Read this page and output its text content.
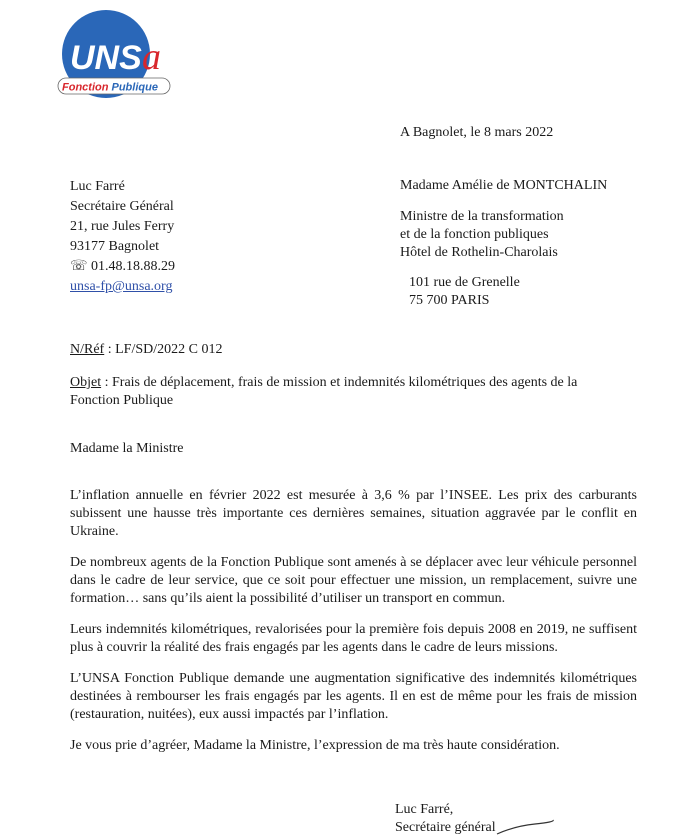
UNS a
Fonction Publique
A Bagnolet, le 8 mars 2022
Luc Farré
Secrétaire Général
21, rue Jules Ferry
93177 Bagnolet
☏ 01.48.18.88.29
unsa-fp@unsa.org
Madame Amélie de MONTCHALIN
Ministre de la transformation
et de la fonction publiques
Hôtel de Rothelin-Charolais
101 rue de Grenelle
75 700 PARIS
N/Réf : LF/SD/2022 C 012
Objet : Frais de déplacement, frais de mission et indemnités kilométriques des agents de la Fonction Publique
Madame la Ministre
L’inflation annuelle en février 2022 est mesurée à 3,6 % par l’INSEE. Les prix des carburants subissent une hausse très importante ces dernières semaines, situation aggravée par le conflit en Ukraine.
De nombreux agents de la Fonction Publique sont amenés à se déplacer avec leur véhicule personnel dans le cadre de leur service, que ce soit pour effectuer une mission, un remplacement, suivre une formation… sans qu’ils aient la possibilité d’utiliser un transport en commun.
Leurs indemnités kilométriques, revalorisées pour la première fois depuis 2008 en 2019, ne suffisent plus à couvrir la réalité des frais engagés par les agents dans le cadre de leurs missions.
L’UNSA Fonction Publique demande une augmentation significative des indemnités kilométriques destinées à rembourser les frais engagés par les agents. Il en est de même pour les frais de mission (restauration, nuitées), eux aussi impactés par l’inflation.
Je vous prie d’agréer, Madame la Ministre, l’expression de ma très haute considération.
Luc Farré,
Secrétaire général
